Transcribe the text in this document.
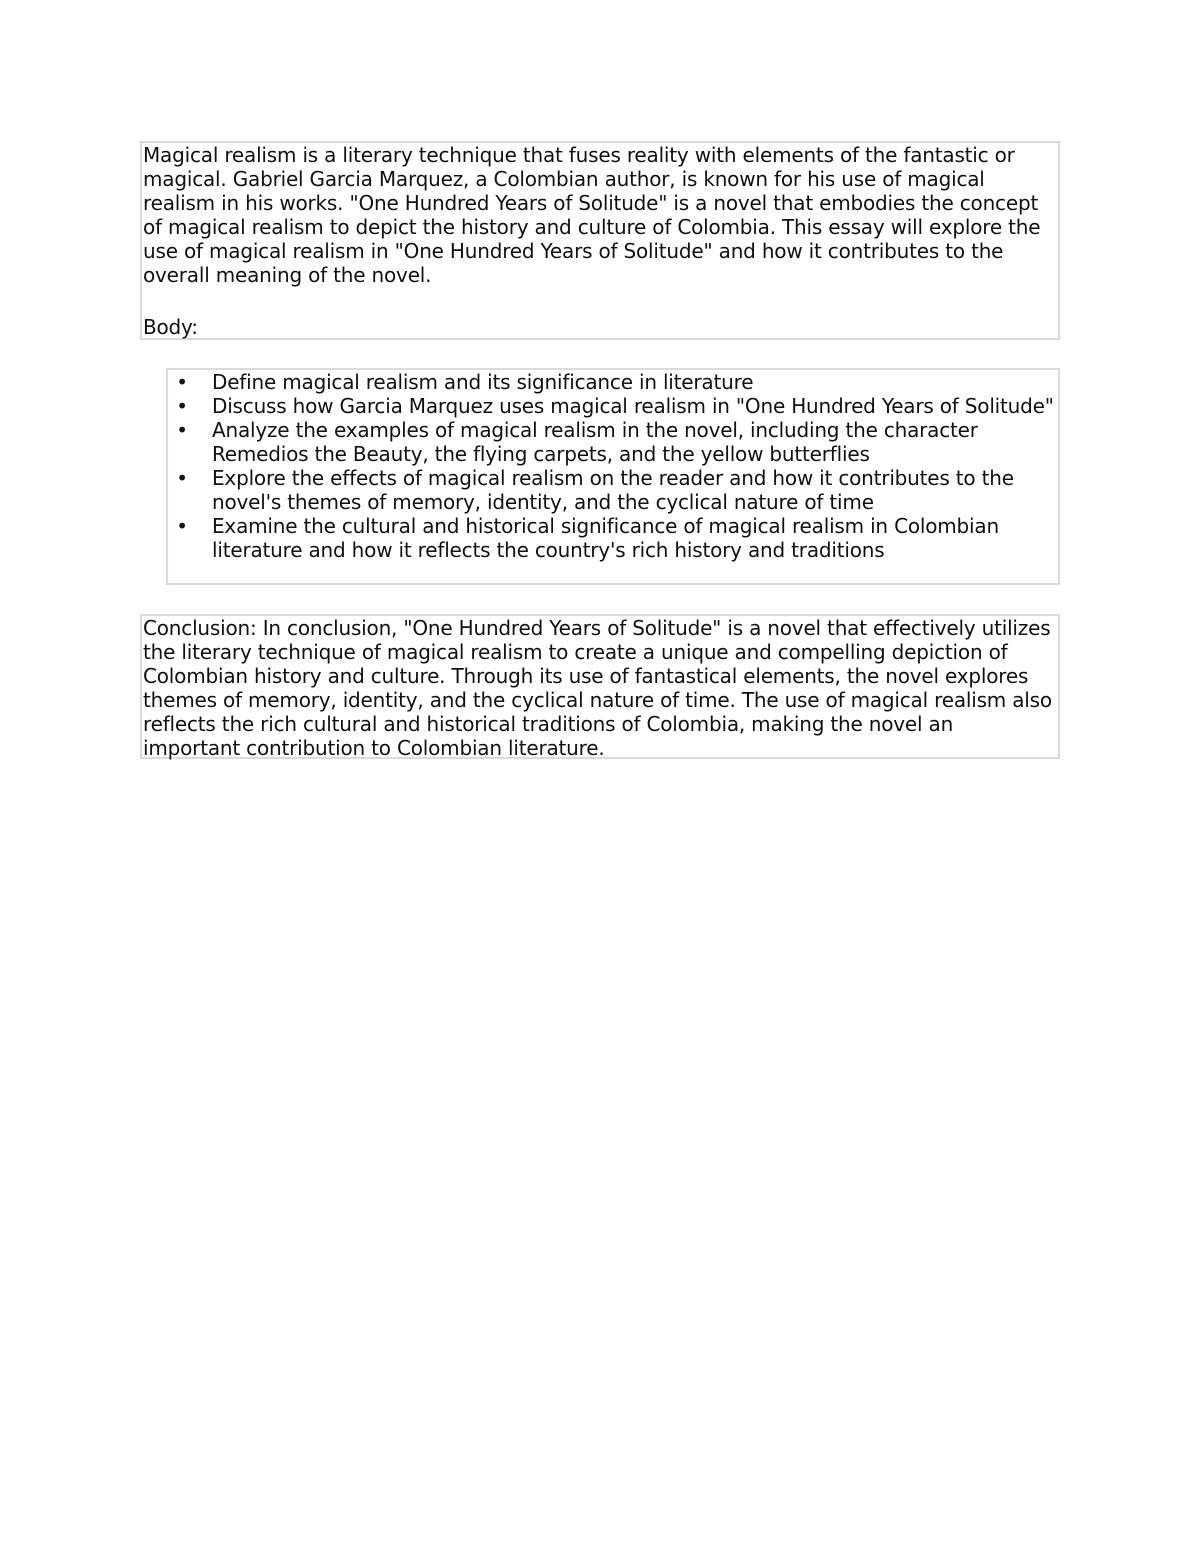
Magical realism is a literary technique that fuses reality with elements of the fantastic or magical. Gabriel Garcia Marquez, a Colombian author, is known for his use of magical realism in his works. "One Hundred Years of Solitude" is a novel that embodies the concept of magical realism to depict the history and culture of Colombia. This essay will explore the use of magical realism in "One Hundred Years of Solitude" and how it contributes to the overall meaning of the novel.

Body:

• Define magical realism and its significance in literature
• Discuss how Garcia Marquez uses magical realism in "One Hundred Years of Solitude"
• Analyze the examples of magical realism in the novel, including the character Remedios the Beauty, the flying carpets, and the yellow butterflies
• Explore the effects of magical realism on the reader and how it contributes to the novel's themes of memory, identity, and the cyclical nature of time
• Examine the cultural and historical significance of magical realism in Colombian literature and how it reflects the country's rich history and traditions

Conclusion: In conclusion, "One Hundred Years of Solitude" is a novel that effectively utilizes the literary technique of magical realism to create a unique and compelling depiction of Colombian history and culture. Through its use of fantastical elements, the novel explores themes of memory, identity, and the cyclical nature of time. The use of magical realism also reflects the rich cultural and historical traditions of Colombia, making the novel an important contribution to Colombian literature.
